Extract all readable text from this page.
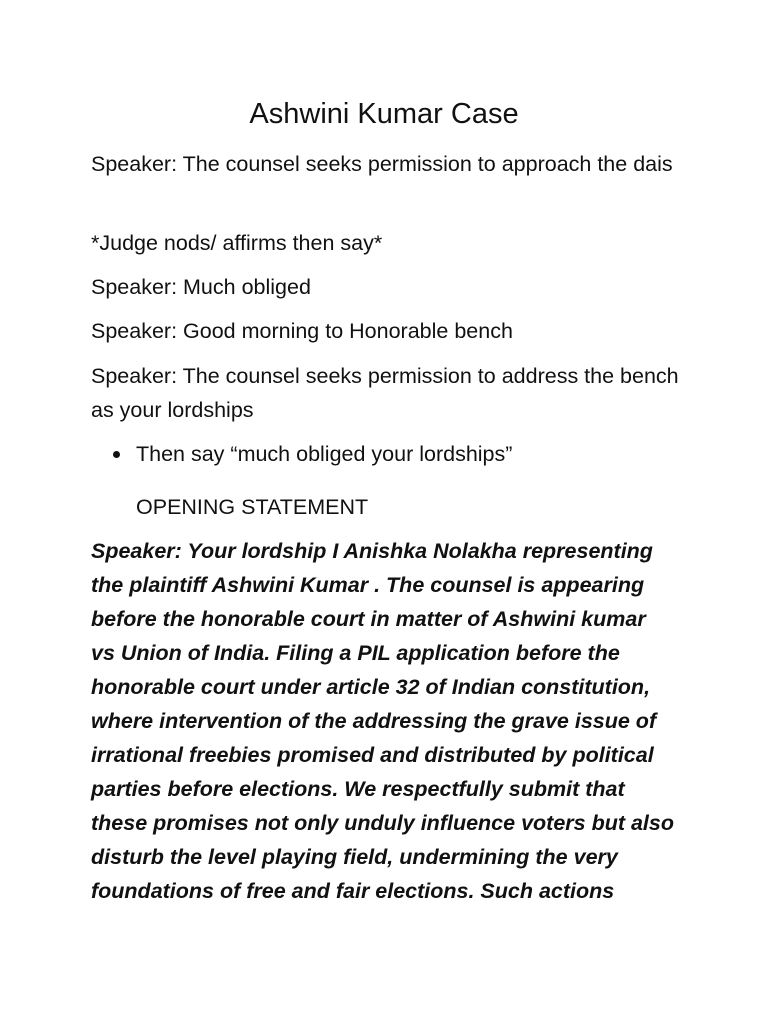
Ashwini Kumar Case

Speaker: The counsel seeks permission to approach the dais

*Judge nods/ affirms then say*

Speaker: Much obliged

Speaker: Good morning to Honorable bench

Speaker: The counsel seeks permission to address the bench as your lordships

Then say “much obliged your lordships”
OPENING STATEMENT

Speaker: Your lordship I Anishka Nolakha representing
the plaintiff Ashwini Kumar . The counsel is appearing
before the honorable court in matter of Ashwini kumar
vs Union of India. Filing a PIL application before the
honorable court under article 32 of Indian constitution,
where intervention of the addressing the grave issue of
irrational freebies promised and distributed by political
parties before elections. We respectfully submit that
these promises not only unduly influence voters but also
disturb the level playing field, undermining the very
foundations of free and fair elections. Such actions
